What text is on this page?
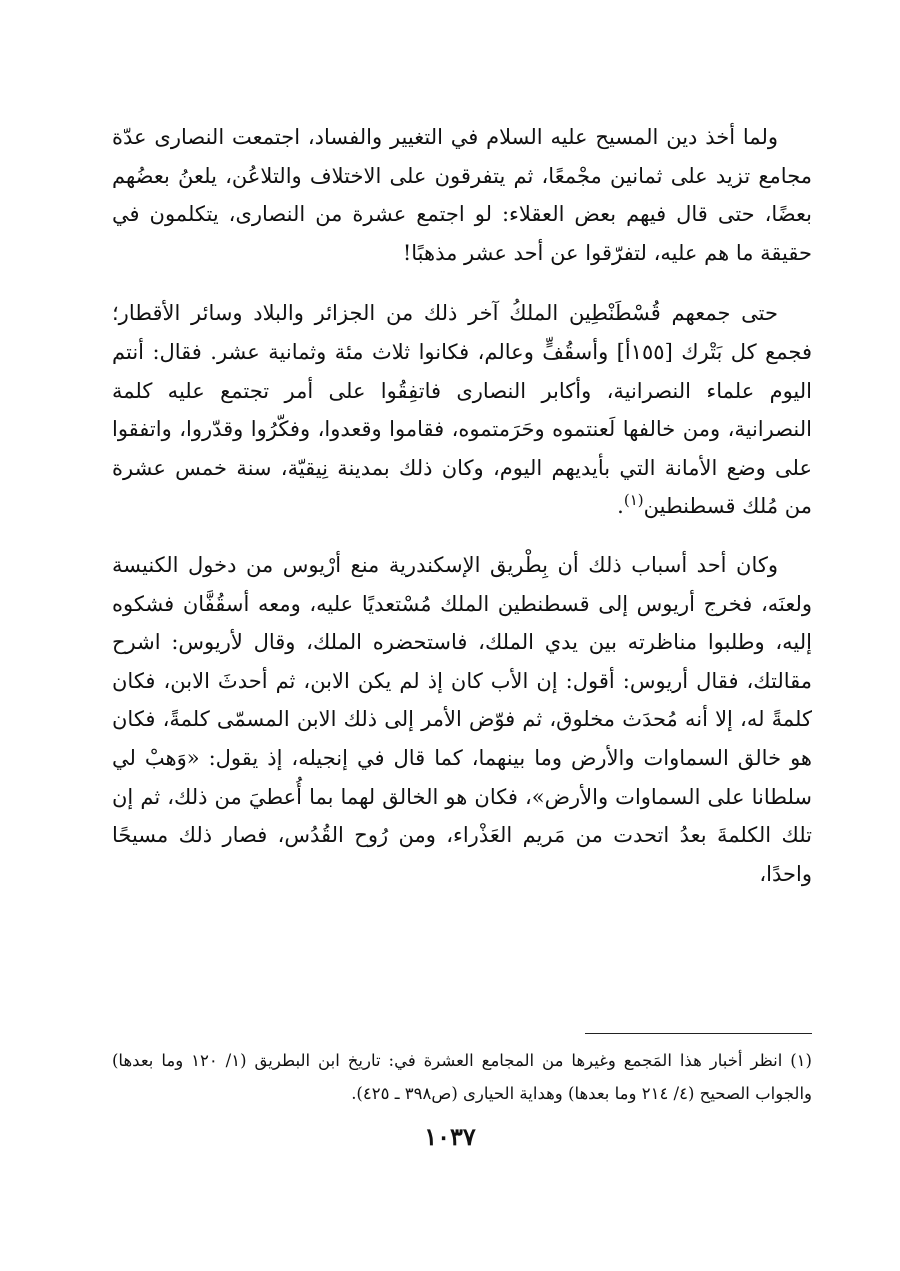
ولما أخذ دين المسيح عليه السلام في التغيير والفساد، اجتمعت النصارى عدّة مجامع تزيد على ثمانين مجْمعًا، ثم يتفرقون على الاختلاف والتلاعُن، يلعنُ بعضُهم بعضًا، حتى قال فيهم بعض العقلاء: لو اجتمع عشرة من النصارى، يتكلمون في حقيقة ما هم عليه، لتفرّقوا عن أحد عشر مذهبًا!

حتى جمعهم قُسْطَنْطِين الملكُ آخر ذلك من الجزائر والبلاد وسائر الأقطار؛ فجمع كل بَتْرك [١٥٥أ] وأسقُفٍّ وعالم، فكانوا ثلاث مئة وثمانية عشر. فقال: أنتم اليوم علماء النصرانية، وأكابر النصارى فاتفِقُوا على أمر تجتمع عليه كلمة النصرانية، ومن خالفها لَعنتموه وحَرَمتموه، فقاموا وقعدوا، وفكّرُوا وقدّروا، واتفقوا على وضع الأمانة التي بأيديهم اليوم، وكان ذلك بمدينة نِيقيّة، سنة خمس عشرة من مُلك قسطنطين$^{(١)}$.

وكان أحد أسباب ذلك أن بِطْريق الإسكندرية منع أرْيوس من دخول الكنيسة ولعنَه، فخرج أريوس إلى قسطنطين الملك مُسْتعديًا عليه، ومعه أسقُفَّان فشكوه إليه، وطلبوا مناظرته بين يدي الملك، فاستحضره الملك، وقال لأريوس: اشرح مقالتك، فقال أريوس: أقول: إن الأب كان إذ لم يكن الابن، ثم أحدثَ الابن، فكان كلمةً له، إلا أنه مُحدَث مخلوق، ثم فوّض الأمر إلى ذلك الابن المسمّى كلمةً، فكان هو خالق السماوات والأرض وما بينهما، كما قال في إنجيله، إذ يقول: «وَهبْ لي سلطانا على السماوات والأرض»، فكان هو الخالق لهما بما أُعطيَ من ذلك، ثم إن تلك الكلمةَ بعدُ اتحدت من مَريم العَذْراء، ومن رُوح القُدُس، فصار ذلك مسيحًا واحدًا،

(١) انظر أخبار هذا المَجمع وغيرها من المجامع العشرة في: تاريخ ابن البطريق (١/ ١٢٠ وما بعدها) والجواب الصحيح (٤/ ٢١٤ وما بعدها) وهداية الحيارى (ص٣٩٨ ـ ٤٢٥).

١٠٣٧
